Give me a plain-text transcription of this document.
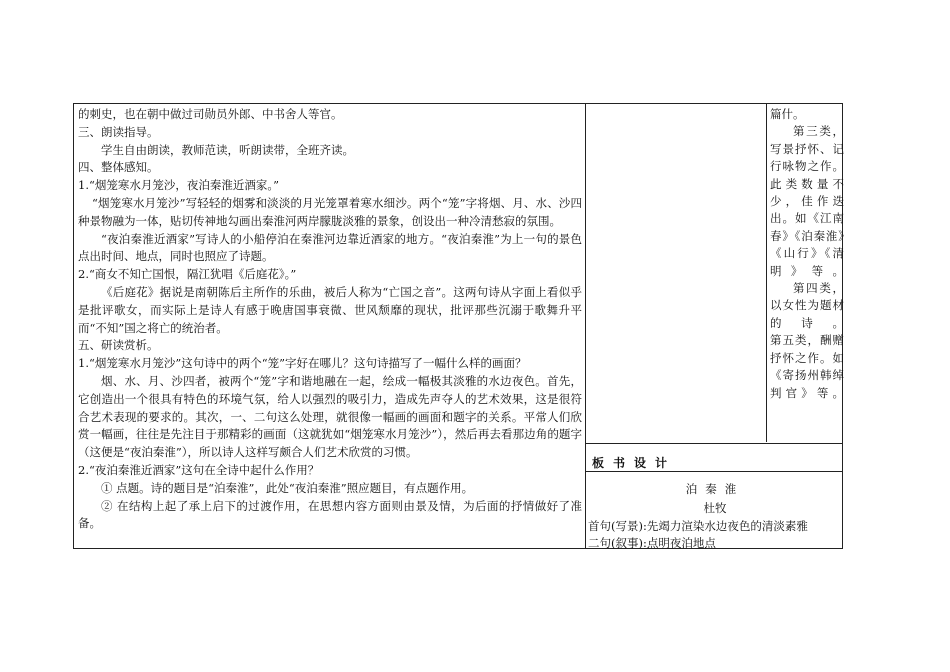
的刺史，也在朝中做过司勋员外郎、中书舍人等官。

三、朗读指导。

学生自由朗读，教师范读，听朗读带，全班齐读。

四、整体感知。

1.“烟笼寒水月笼沙，夜泊秦淮近酒家。”

“烟笼寒水月笼沙”写轻轻的烟雾和淡淡的月光笼罩着寒水细沙。两个“笼”字将烟、月、水、沙四种景物融为一体，贴切传神地勾画出秦淮河两岸朦胧淡雅的景象，创设出一种冷清愁寂的氛围。

“夜泊秦淮近酒家”写诗人的小船停泊在秦淮河边靠近酒家的地方。“夜泊秦淮”为上一句的景色点出时间、地点，同时也照应了诗题。

2.“商女不知亡国恨，隔江犹唱《后庭花》。”

《后庭花》据说是南朝陈后主所作的乐曲，被后人称为“亡国之音”。这两句诗从字面上看似乎是批评歌女，而实际上是诗人有感于晚唐国事衰微、世风颓靡的现状，批评那些沉溺于歌舞升平而“不知”国之将亡的统治者。

五、研读赏析。

1.“烟笼寒水月笼沙”这句诗中的两个“笼”字好在哪儿？这句诗描写了一幅什么样的画面？

烟、水、月、沙四者，被两个“笼”字和谐地融在一起，绘成一幅极其淡雅的水边夜色。首先，它创造出一个很具有特色的环境气氛，给人以强烈的吸引力，造成先声夺人的艺术效果，这是很符合艺术表现的要求的。其次，一、二句这么处理，就很像一幅画的画面和题字的关系。平常人们欣赏一幅画，往往是先注目于那精彩的画面（这就犹如“烟笼寒水月笼沙”），然后再去看那边角的题字（这便是“夜泊秦淮”），所以诗人这样写颇合人们艺术欣赏的习惯。

2.“夜泊秦淮近酒家”这句在全诗中起什么作用？

① 点题。诗的题目是“泊秦淮”，此处“夜泊秦淮”照应题目，有点题作用。

② 在结构上起了承上启下的过渡作用，在思想内容方面则由景及情，为后面的抒情做好了准备。

篇什。

第三类，写景抒怀、记行咏物之作。此类数量不少，佳作迭出。如《江南春》《泊秦淮》《山行》《清明》等。

第四类，以女性为题材的诗。

第五类，酬赠抒怀之作。如《寄扬州韩绰判官》等。

板书设计
泊秦淮
杜牧
首句(写景):先竭力渲染水边夜色的清淡素雅
二句(叙事):点明夜泊地点
